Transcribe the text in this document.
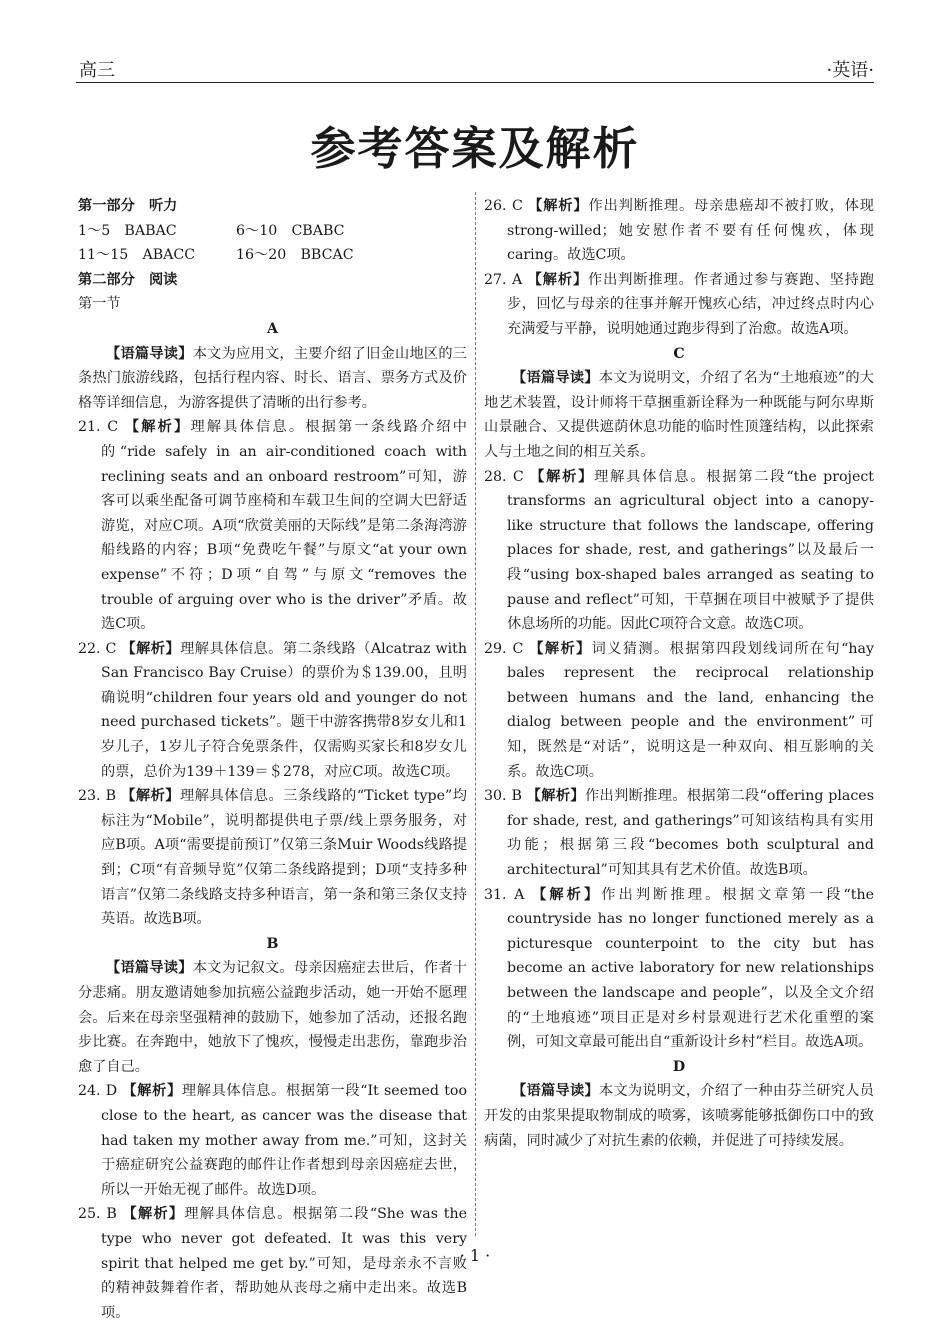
高三	·英语·
参考答案及解析
第一部分　听力
1～5　BABAC	6～10　CBABC
11～15　ABACC	16～20　BBCAC
第二部分　阅读
第一节
A
【语篇导读】本文为应用文，主要介绍了旧金山地区的三条热门旅游线路，包括行程内容、时长、语言、票务方式及价格等详细信息，为游客提供了清晰的出行参考。
21. C 【解析】理解具体信息。根据第一条线路介绍中的“ride safely in an air-conditioned coach with reclining seats and an onboard restroom”可知，游客可以乘坐配备可调节座椅和车载卫生间的空调大巴舒适游览，对应C项。A项“欣赏美丽的天际线”是第二条海湾游船线路的内容；B项“免费吃午餐”与原文“at your own expense”不符；D项“自驾”与原文“removes the trouble of arguing over who is the driver”矛盾。故选C项。
22. C 【解析】理解具体信息。第二条线路（Alcatraz with San Francisco Bay Cruise）的票价为＄139.00，且明确说明“children four years old and younger do not need purchased tickets”。题干中游客携带8岁女儿和1岁儿子，1岁儿子符合免票条件，仅需购买家长和8岁女儿的票，总价为139＋139＝＄278，对应C项。故选C项。
23. B 【解析】理解具体信息。三条线路的“Ticket type”均标注为“Mobile”，说明都提供电子票/线上票务服务，对应B项。A项“需要提前预订”仅第三条Muir Woods线路提到；C项“有音频导览”仅第二条线路提到；D项“支持多种语言”仅第二条线路支持多种语言，第一条和第三条仅支持英语。故选B项。
B
【语篇导读】本文为记叙文。母亲因癌症去世后，作者十分悲痛。朋友邀请她参加抗癌公益跑步活动，她一开始不愿理会。后来在母亲坚强精神的鼓励下，她参加了活动，还报名跑步比赛。在奔跑中，她放下了愧疚，慢慢走出悲伤，靠跑步治愈了自己。
24. D 【解析】理解具体信息。根据第一段“It seemed too close to the heart, as cancer was the disease that had taken my mother away from me.”可知，这封关于癌症研究公益赛跑的邮件让作者想到母亲因癌症去世，所以一开始无视了邮件。故选D项。
25. B 【解析】理解具体信息。根据第二段“She was the type who never got defeated. It was this very spirit that helped me get by.”可知，是母亲永不言败的精神鼓舞着作者，帮助她从丧母之痛中走出来。故选B项。
26. C 【解析】作出判断推理。母亲患癌却不被打败，体现strong-willed；她安慰作者不要有任何愧疚，体现caring。故选C项。
27. A 【解析】作出判断推理。作者通过参与赛跑、坚持跑步，回忆与母亲的往事并解开愧疚心结，冲过终点时内心充满爱与平静，说明她通过跑步得到了治愈。故选A项。
C
【语篇导读】本文为说明文，介绍了名为“土地痕迹”的大地艺术装置，设计师将干草捆重新诠释为一种既能与阿尔卑斯山景融合、又提供遮荫休息功能的临时性顶篷结构，以此探索人与土地之间的相互关系。
28. C 【解析】理解具体信息。根据第二段“the project transforms an agricultural object into a canopy-like structure that follows the landscape, offering places for shade, rest, and gatherings”以及最后一段“using box-shaped bales arranged as seating to pause and reflect”可知，干草捆在项目中被赋予了提供休息场所的功能。因此C项符合文意。故选C项。
29. C 【解析】词义猜测。根据第四段划线词所在句“hay bales represent the reciprocal relationship between humans and the land, enhancing the dialog between people and the environment”可知，既然是“对话”，说明这是一种双向、相互影响的关系。故选C项。
30. B 【解析】作出判断推理。根据第二段“offering places for shade, rest, and gatherings”可知该结构具有实用功能；根据第三段“becomes both sculptural and architectural”可知其具有艺术价值。故选B项。
31. A 【解析】作出判断推理。根据文章第一段“the countryside has no longer functioned merely as a picturesque counterpoint to the city but has become an active laboratory for new relationships between the landscape and people”，以及全文介绍的“土地痕迹”项目正是对乡村景观进行艺术化重塑的案例，可知文章最可能出自“重新设计乡村”栏目。故选A项。
D
【语篇导读】本文为说明文，介绍了一种由芬兰研究人员开发的由浆果提取物制成的喷雾，该喷雾能够抵御伤口中的致病菌，同时减少了对抗生素的依赖，并促进了可持续发展。
· 1 ·
